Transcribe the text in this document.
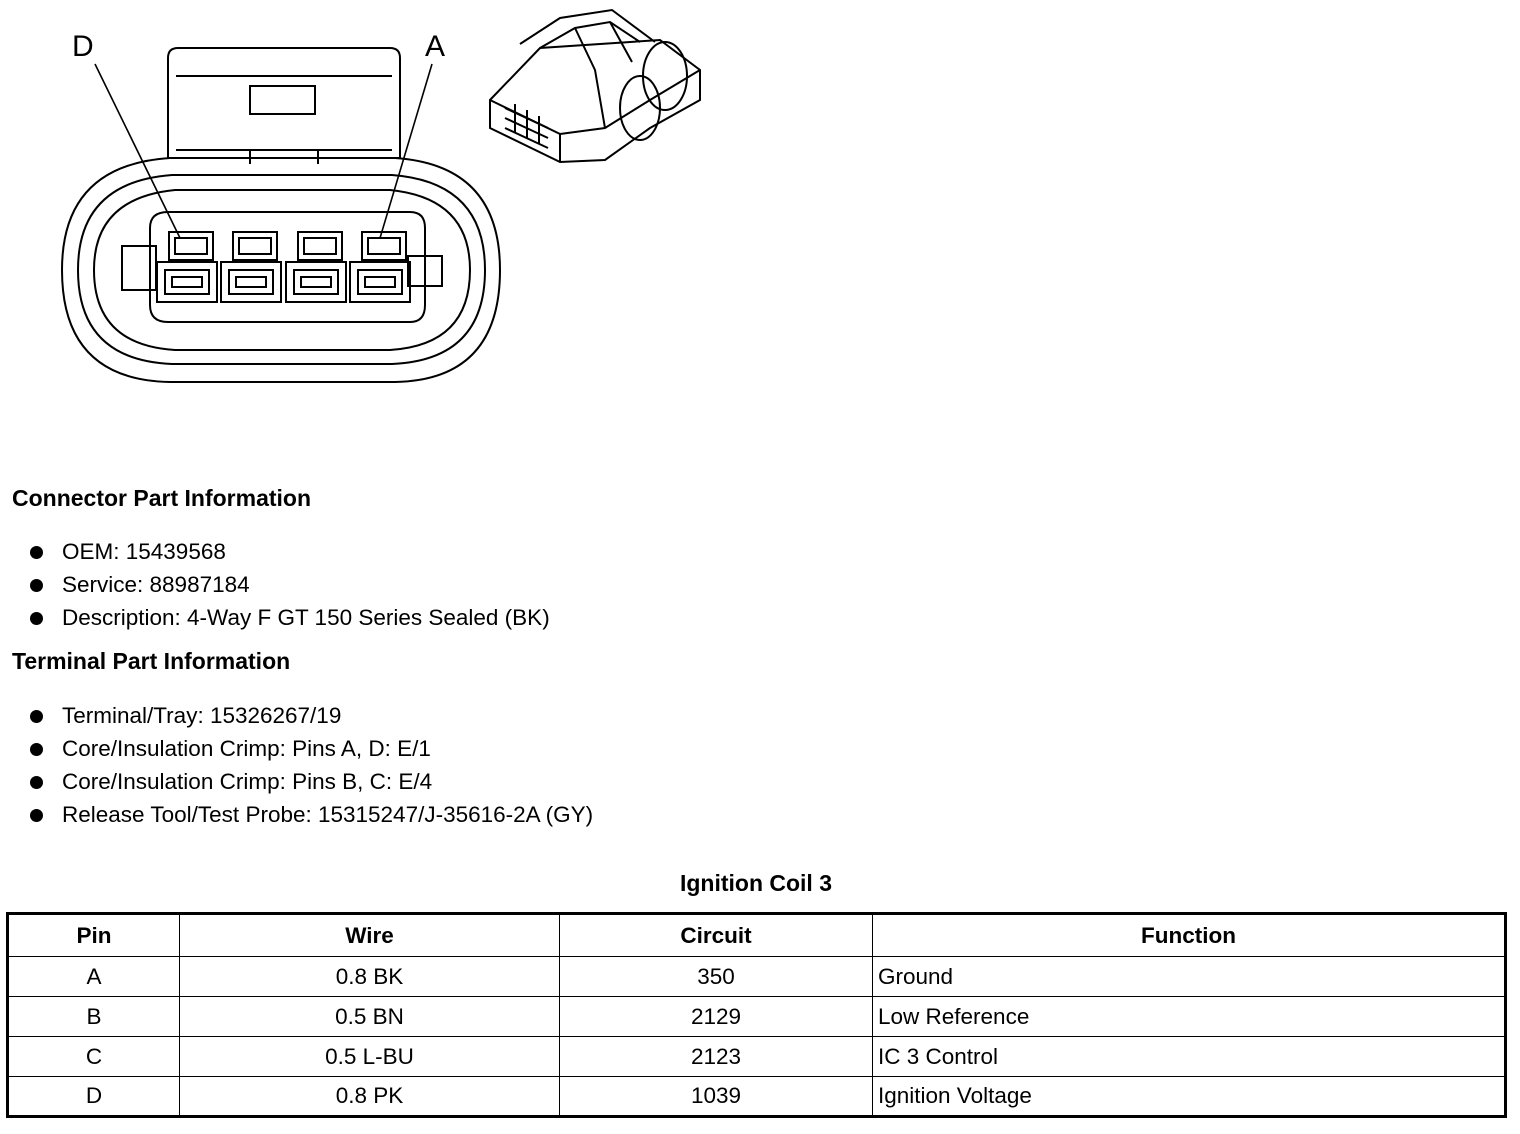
D	A
Connector Part Information
OEM: 15439568
Service: 88987184
Description: 4-Way F GT 150 Series Sealed (BK)
Terminal Part Information
Terminal/Tray: 15326267/19
Core/Insulation Crimp: Pins A, D: E/1
Core/Insulation Crimp: Pins B, C: E/4
Release Tool/Test Probe: 15315247/J-35616-2A (GY)
Ignition Coil 3
Pin	Wire	Circuit	Function
A	0.8 BK	350	Ground
B	0.5 BN	2129	Low Reference
C	0.5 L-BU	2123	IC 3 Control
D	0.8 PK	1039	Ignition Voltage
